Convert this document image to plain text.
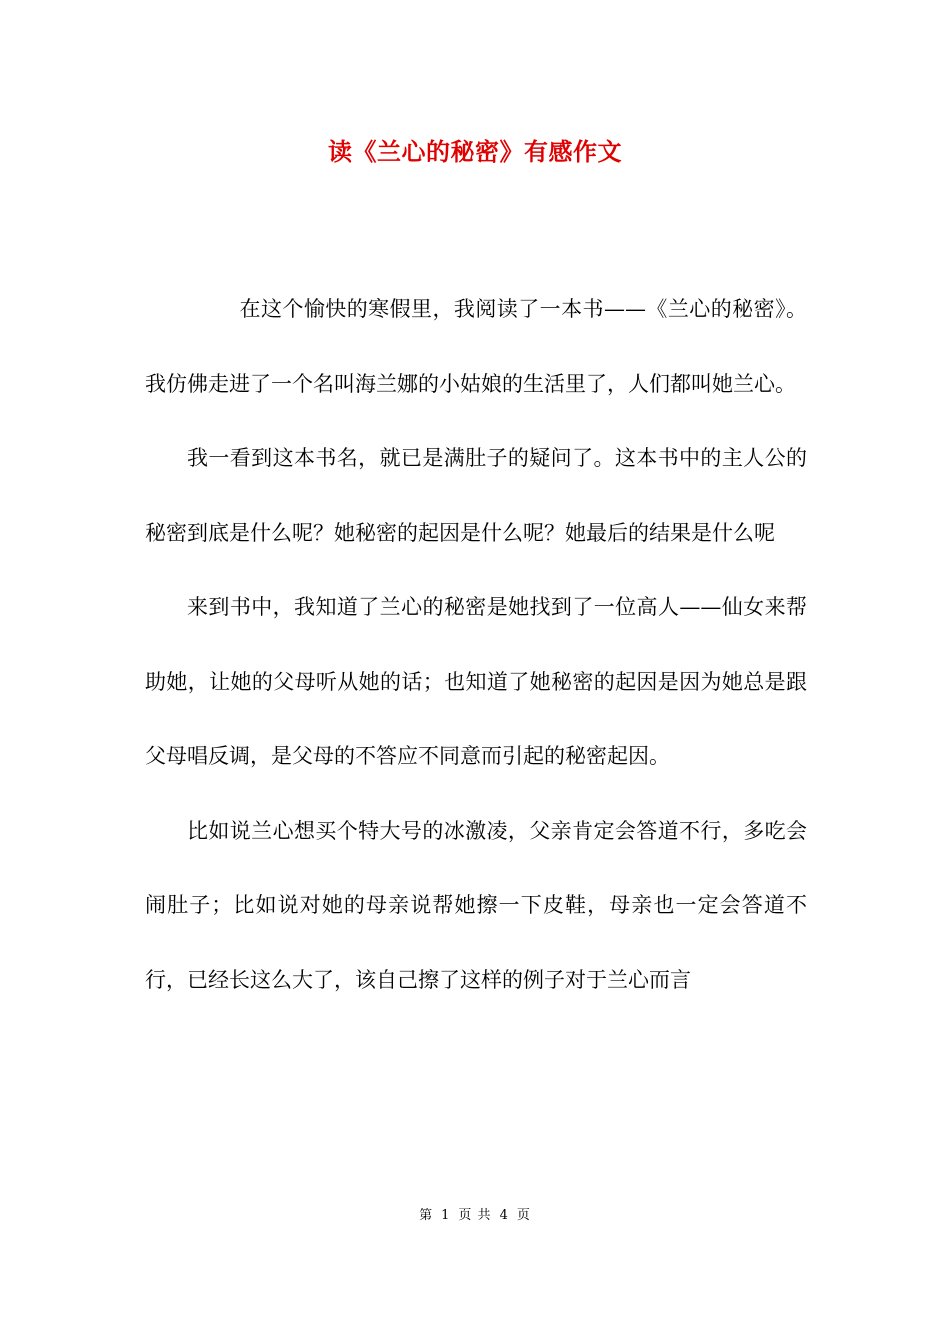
读《兰心的秘密》有感作文

在这个愉快的寒假里，我阅读了一本书——《兰心的秘密》。我仿佛走进了一个名叫海兰娜的小姑娘的生活里了，人们都叫她兰心。

我一看到这本书名，就已是满肚子的疑问了。这本书中的主人公的秘密到底是什么呢？她秘密的起因是什么呢？她最后的结果是什么呢

来到书中，我知道了兰心的秘密是她找到了一位高人——仙女来帮助她，让她的父母听从她的话；也知道了她秘密的起因是因为她总是跟父母唱反调，是父母的不答应不同意而引起的秘密起因。

比如说兰心想买个特大号的冰激凌，父亲肯定会答道不行，多吃会闹肚子；比如说对她的母亲说帮她擦一下皮鞋，母亲也一定会答道不行，已经长这么大了，该自己擦了这样的例子对于兰心而言

第 1 页 共 4 页
